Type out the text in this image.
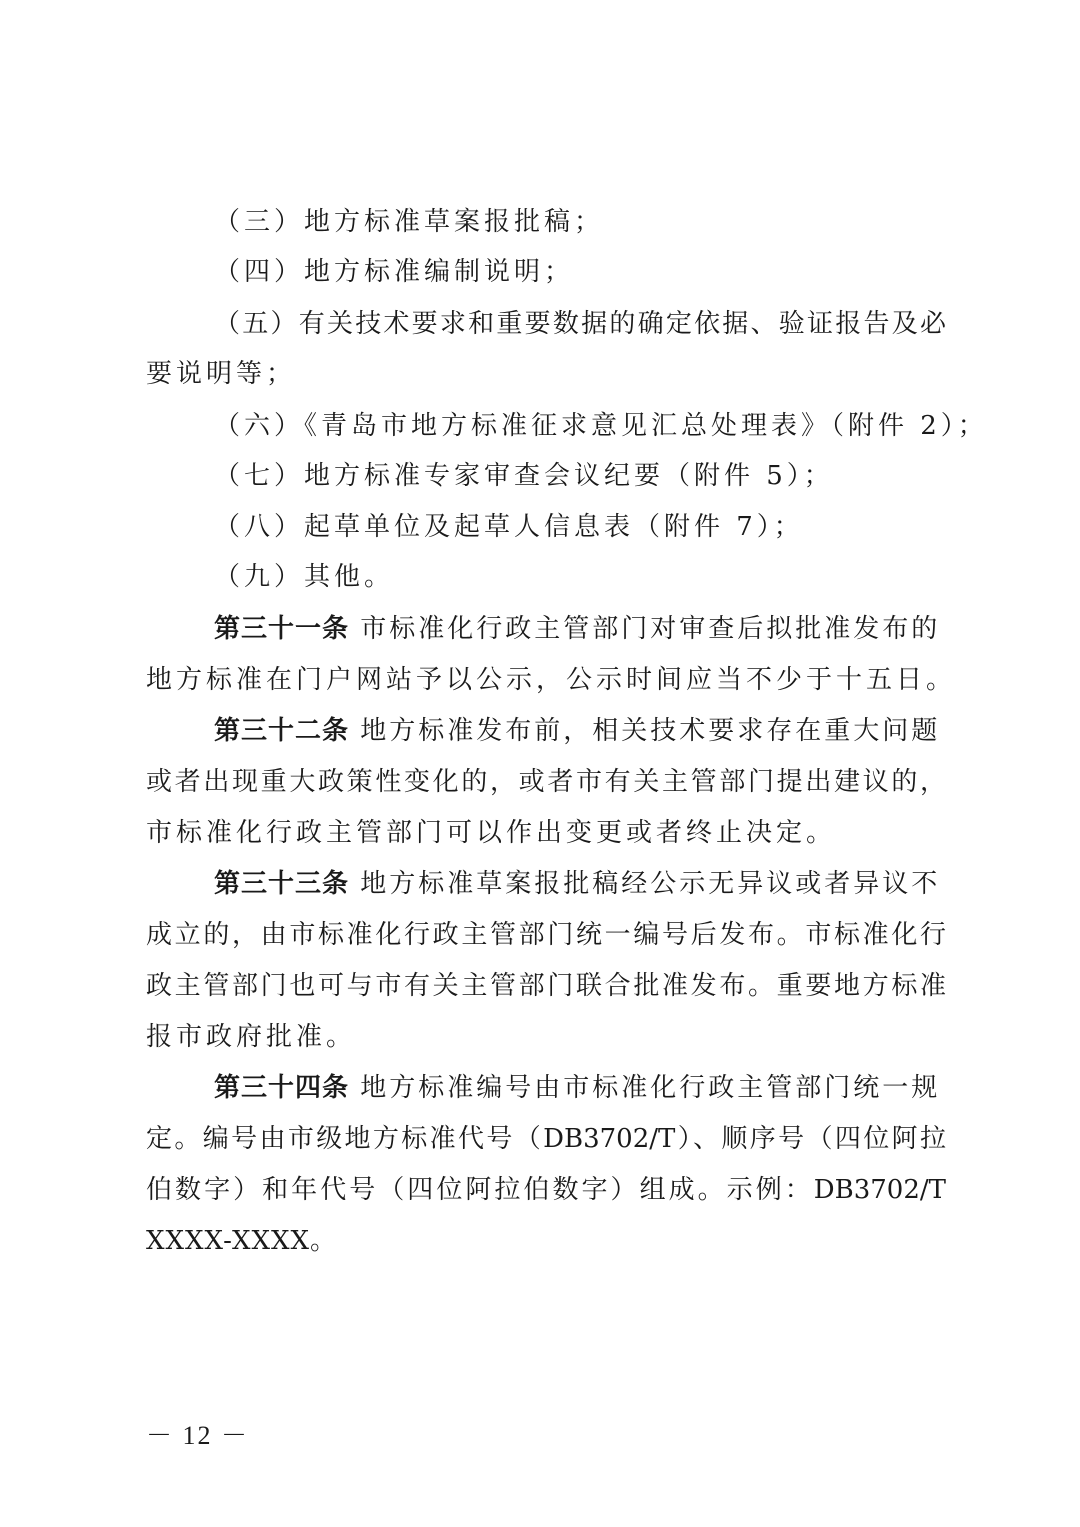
（三）地方标准草案报批稿；
（四）地方标准编制说明；
（五）有关技术要求和重要数据的确定依据、验证报告及必
要说明等；
（六）《青岛市地方标准征求意见汇总处理表》（附件 2）；
（七）地方标准专家审查会议纪要（附件 5）；
（八）起草单位及起草人信息表（附件 7）；
（九）其他。
第三十一条 市标准化行政主管部门对审查后拟批准发布的
地方标准在门户网站予以公示，公示时间应当不少于十五日。
第三十二条 地方标准发布前，相关技术要求存在重大问题
或者出现重大政策性变化的，或者市有关主管部门提出建议的，
市标准化行政主管部门可以作出变更或者终止决定。
第三十三条 地方标准草案报批稿经公示无异议或者异议不
成立的，由市标准化行政主管部门统一编号后发布。市标准化行
政主管部门也可与市有关主管部门联合批准发布。重要地方标准
报市政府批准。
第三十四条 地方标准编号由市标准化行政主管部门统一规
定。编号由市级地方标准代号（DB3702/T）、顺序号（四位阿拉
伯数字）和年代号（四位阿拉伯数字）组成。示例：DB3702/T
XXXX-XXXX。
－ 12 －
